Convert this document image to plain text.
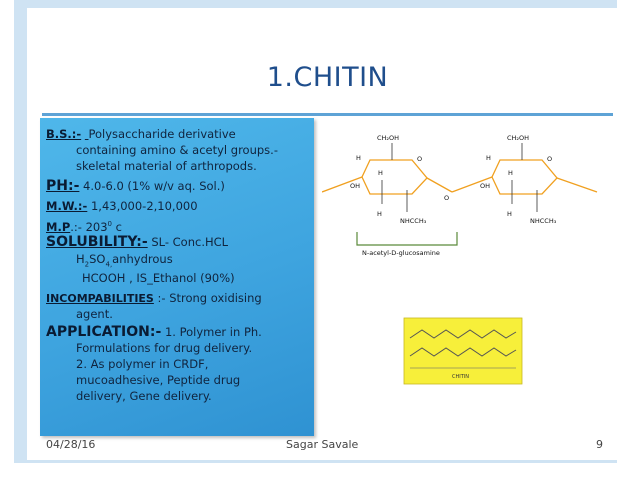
1.CHITIN
B.S.:- Polysaccharide derivative
containing amino & acetyl groups.-
skeletal material of arthropods.
PH:- 4.0-6.0 (1% w/v aq. Sol.)
M.W.:- 1,43,000-2,10,000
M.P.:- $203^0$ c
SOLUBILITY:- SL- Conc.HCL
$H_2SO_{4,}anhydrous$
HCOOH , IS_Ethanol (90%)
INCOMPABILITIES :- Strong oxidising
agent.
APPLICATION:- 1. Polymer in Ph.
Formulations for drug delivery.
2. As polymer in CRDF,
mucoadhesive, Peptide drug
delivery, Gene delivery.
CH₂OH	CH₂OH
H
H
H
H
O	O
O
OH	OH
H	H
NHCCH₃	NHCCH₃
N-acetyl-D-glucosamine
CHITIN
04/28/16	Sagar Savale	9
